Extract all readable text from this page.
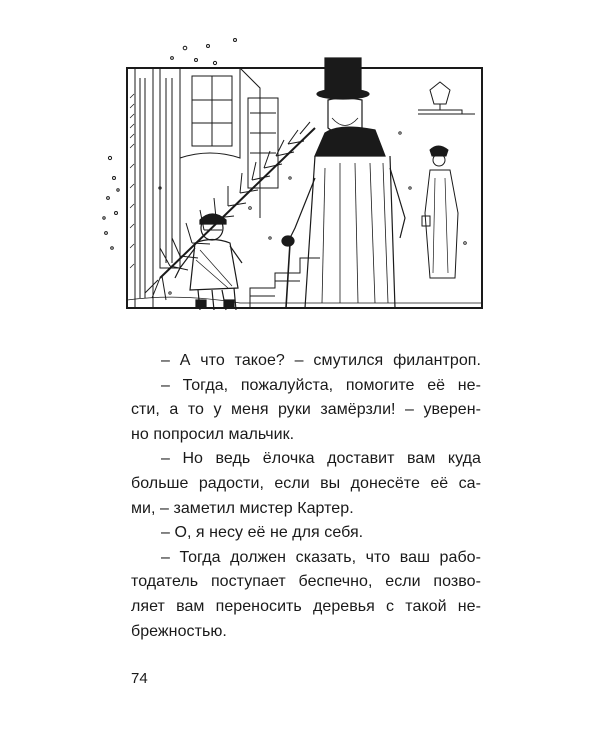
– А что такое? – смутился филантроп.
– Тогда, пожалуйста, помогите её не-
сти, а то у меня руки замёрзли! – уверен-
но попросил мальчик.
– Но ведь ёлочка доставит вам куда
больше радости, если вы донесёте её са-
ми, – заметил мистер Картер.
– О, я несу её не для себя.
– Тогда должен сказать, что ваш рабо-
тодатель поступает беспечно, если позво-
ляет вам переносить деревья с такой не-
брежностью.
74
